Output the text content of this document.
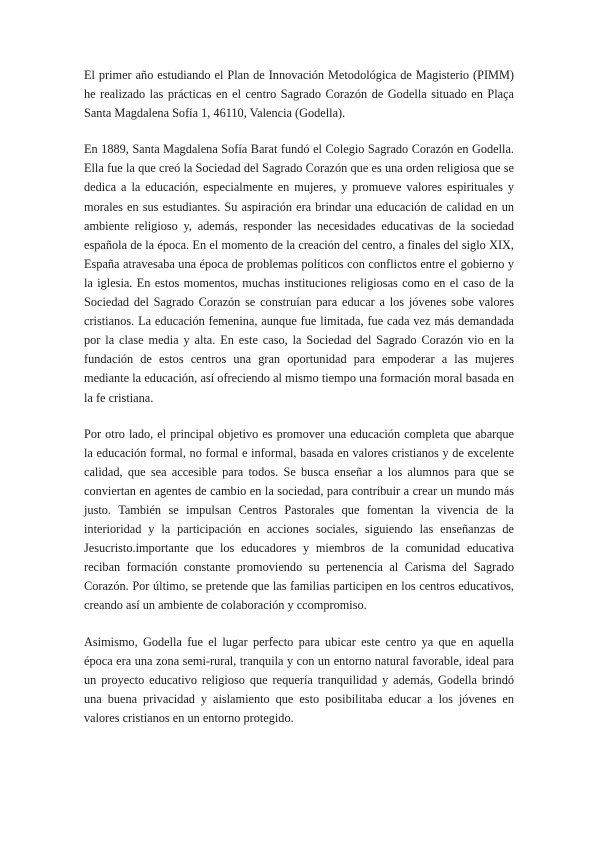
El primer año estudiando el Plan de Innovación Metodológica de Magisterio (PIMM) he realizado las prácticas en el centro Sagrado Corazón de Godella situado en Plaça Santa Magdalena Sofía 1, 46110, Valencia (Godella).

En 1889, Santa Magdalena Sofía Barat fundó el Colegio Sagrado Corazón en Godella. Ella fue la que creó la Sociedad del Sagrado Corazón que es una orden religiosa que se dedica a la educación, especialmente en mujeres, y promueve valores espirituales y morales en sus estudiantes. Su aspiración era brindar una educación de calidad en un ambiente religioso y, además, responder las necesidades educativas de la sociedad española de la época. En el momento de la creación del centro, a finales del siglo XIX, España atravesaba una época de problemas políticos con conflictos entre el gobierno y la iglesia. En estos momentos, muchas instituciones religiosas como en el caso de la Sociedad del Sagrado Corazón se construían para educar a los jóvenes sobe valores cristianos. La educación femenina, aunque fue limitada, fue cada vez más demandada por la clase media y alta. En este caso, la Sociedad del Sagrado Corazón vio en la fundación de estos centros una gran oportunidad para empoderar a las mujeres mediante la educación, así ofreciendo al mismo tiempo una formación moral basada en la fe cristiana.

Por otro lado, el principal objetivo es promover una educación completa que abarque la educación formal, no formal e informal, basada en valores cristianos y de excelente calidad, que sea accesible para todos. Se busca enseñar a los alumnos para que se conviertan en agentes de cambio en la sociedad, para contribuir a crear un mundo más justo. También se impulsan Centros Pastorales que fomentan la vivencia de la interioridad y la participación en acciones sociales, siguiendo las enseñanzas de Jesucristo.importante que los educadores y miembros de la comunidad educativa reciban formación constante promoviendo su pertenencia al Carisma del Sagrado Corazón. Por último, se pretende que las familias participen en los centros educativos, creando así un ambiente de colaboración y ccompromiso.

Asimismo, Godella fue el lugar perfecto para ubicar este centro ya que en aquella época era una zona semi-rural, tranquila y con un entorno natural favorable, ideal para un proyecto educativo religioso que requería tranquilidad y además, Godella brindó una buena privacidad y aislamiento que esto posibilitaba educar a los jóvenes en valores cristianos en un entorno protegido.
